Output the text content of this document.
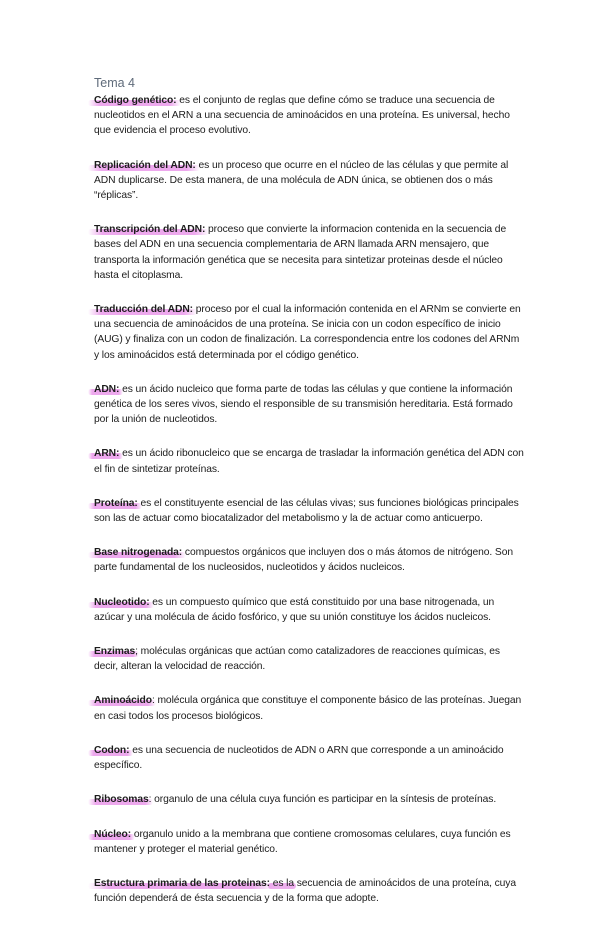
Tema 4

Código genético: es el conjunto de reglas que define cómo se traduce una secuencia de nucleotidos en el ARN a una secuencia de aminoácidos en una proteína. Es universal, hecho que evidencia el proceso evolutivo.

Replicación del ADN: es un proceso que ocurre en el núcleo de las células y que permite al ADN duplicarse. De esta manera, de una molécula de ADN única, se obtienen dos o más “réplicas”.

Transcripción del ADN: proceso que convierte la informacion contenida en la secuencia de bases del ADN en una secuencia complementaria de ARN llamada ARN mensajero, que transporta la información genética que se necesita para sintetizar proteinas desde el núcleo hasta el citoplasma.

Traducción del ADN: proceso por el cual la información contenida en el ARNm se convierte en una secuencia de aminoácidos de una proteína. Se inicia con un codon específico de inicio (AUG) y finaliza con un codon de finalización. La correspondencia entre los codones del ARNm y los aminoácidos está determinada por el código genético.

ADN: es un ácido nucleico que forma parte de todas las células y que contiene la información genética de los seres vivos, siendo el responsible de su transmisión hereditaria. Está formado por la unión de nucleotidos.

ARN: es un ácido ribonucleico que se encarga de trasladar la información genética del ADN con el fin de sintetizar proteínas.

Proteína: es el constituyente esencial de las células vivas; sus funciones biológicas principales son las de actuar como biocatalizador del metabolismo y la de actuar como anticuerpo.

Base nitrogenada: compuestos orgánicos que incluyen dos o más átomos de nitrógeno. Son parte fundamental de los nucleosidos, nucleotidos y ácidos nucleicos.

Nucleotido: es un compuesto químico que está constituido por una base nitrogenada, un azúcar y una molécula de ácido fosfórico, y que su unión constituye los ácidos nucleicos.

Enzimas; moléculas orgánicas que actúan como catalizadores de reacciones químicas, es decir, alteran la velocidad de reacción.

Aminoácido: molécula orgánica que constituye el componente básico de las proteínas. Juegan en casi todos los procesos biológicos.

Codon: es una secuencia de nucleotidos de ADN o ARN que corresponde a un aminoácido específico.

Ribosomas: organulo de una célula cuya función es participar en la síntesis de proteínas.

Núcleo: organulo unido a la membrana que contiene cromosomas celulares, cuya función es mantener y proteger el material genético.

Estructura primaria de las proteinas: es la secuencia de aminoácidos de una proteína, cuya función dependerá de ésta secuencia y de la forma que adopte.
